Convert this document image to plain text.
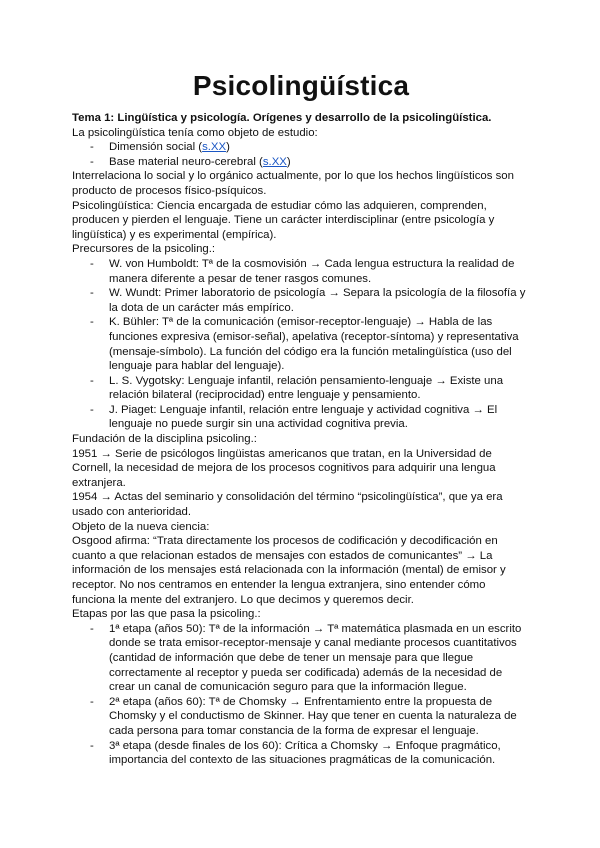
Psicolingüística

Tema 1: Lingüística y psicología. Orígenes y desarrollo de la psicolingüística.

La psicolingüística tenía como objeto de estudio:

- Dimensión social (s.XX)
- Base material neuro-cerebral (s.XX)

Interrelaciona lo social y lo orgánico actualmente, por lo que los hechos lingüísticos son producto de procesos físico-psíquicos.

Psicolingüística: Ciencia encargada de estudiar cómo las adquieren, comprenden, producen y pierden el lenguaje. Tiene un carácter interdisciplinar (entre psicología y lingüística) y es experimental (empírica).

Precursores de la psicoling.:

- W. von Humboldt: Tª de la cosmovisión → Cada lengua estructura la realidad de manera diferente a pesar de tener rasgos comunes.
- W. Wundt: Primer laboratorio de psicología → Separa la psicología de la filosofía y la dota de un carácter más empírico.
- K. Bühler: Tª de la comunicación (emisor-receptor-lenguaje) → Habla de las funciones expresiva (emisor-señal), apelativa (receptor-síntoma) y representativa (mensaje-símbolo). La función del código era la función metalingüística (uso del lenguaje para hablar del lenguaje).
- L. S. Vygotsky: Lenguaje infantil, relación pensamiento-lenguaje → Existe una relación bilateral (reciprocidad) entre lenguaje y pensamiento.
- J. Piaget: Lenguaje infantil, relación entre lenguaje y actividad cognitiva → El lenguaje no puede surgir sin una actividad cognitiva previa.

Fundación de la disciplina psicoling.:

1951 → Serie de psicólogos lingüistas americanos que tratan, en la Universidad de Cornell, la necesidad de mejora de los procesos cognitivos para adquirir una lengua extranjera.

1954 → Actas del seminario y consolidación del término “psicolingüística”, que ya era usado con anterioridad.

Objeto de la nueva ciencia:

Osgood afirma: “Trata directamente los procesos de codificación y decodificación en cuanto a que relacionan estados de mensajes con estados de comunicantes” → La información de los mensajes está relacionada con la información (mental) de emisor y receptor. No nos centramos en entender la lengua extranjera, sino entender cómo funciona la mente del extranjero. Lo que decimos y queremos decir.

Etapas por las que pasa la psicoling.:

- 1ª etapa (años 50): Tª de la información → Tª matemática plasmada en un escrito donde se trata emisor-receptor-mensaje y canal mediante procesos cuantitativos (cantidad de información que debe de tener un mensaje para que llegue correctamente al receptor y pueda ser codificada) además de la necesidad de crear un canal de comunicación seguro para que la información llegue.
- 2ª etapa (años 60): Tª de Chomsky → Enfrentamiento entre la propuesta de Chomsky y el conductismo de Skinner. Hay que tener en cuenta la naturaleza de cada persona para tomar constancia de la forma de expresar el lenguaje.
- 3ª etapa (desde finales de los 60): Crítica a Chomsky → Enfoque pragmático, importancia del contexto de las situaciones pragmáticas de la comunicación.
